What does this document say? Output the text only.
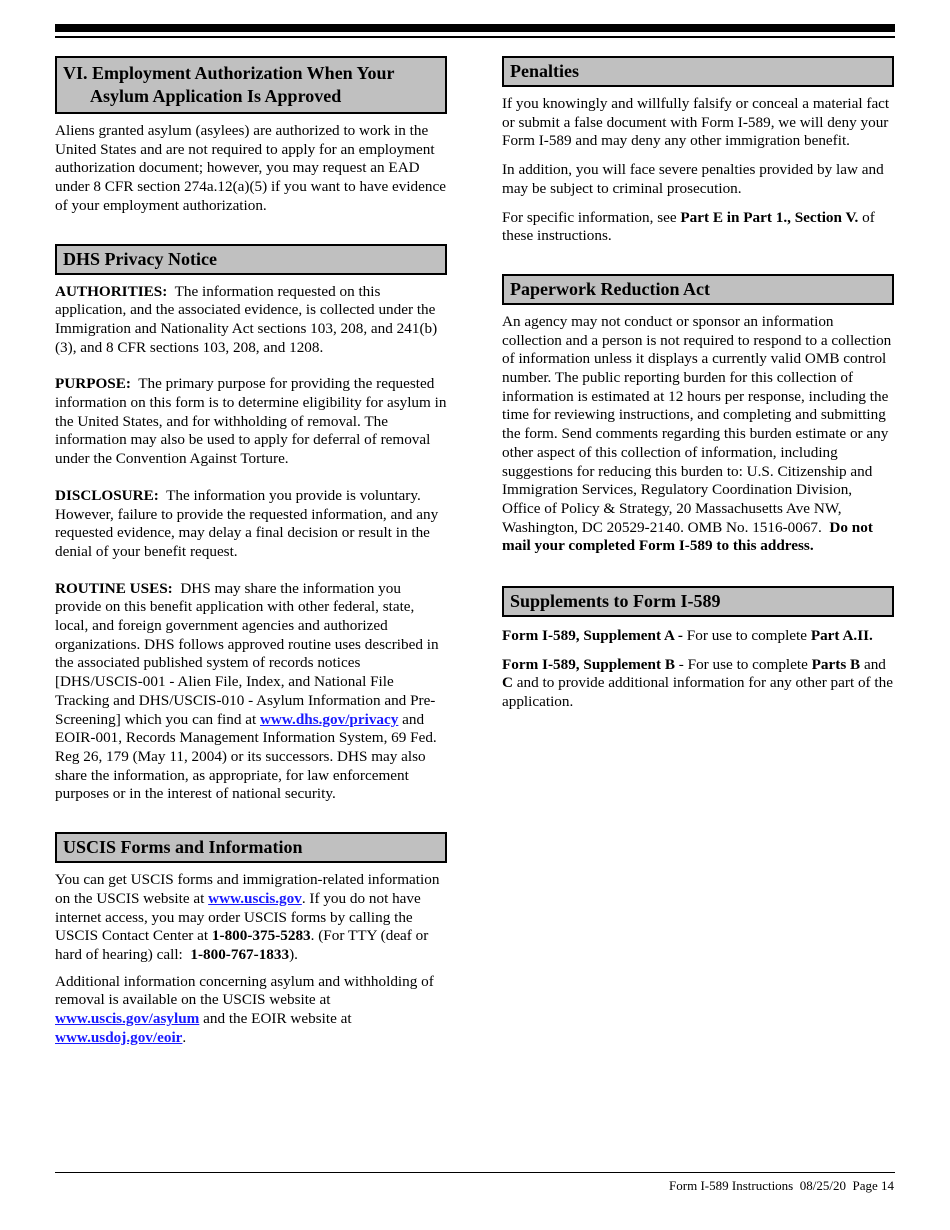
VI. Employment Authorization When Your
Asylum Application Is Approved

Aliens granted asylum (asylees) are authorized to work in the United States and are not required to apply for an employment authorization document; however, you may request an EAD under 8 CFR section 274a.12(a)(5) if you want to have evidence of your employment authorization.

DHS Privacy Notice

AUTHORITIES: The information requested on this application, and the associated evidence, is collected under the Immigration and Nationality Act sections 103, 208, and 241(b)(3), and 8 CFR sections 103, 208, and 1208.

PURPOSE: The primary purpose for providing the requested information on this form is to determine eligibility for asylum in the United States, and for withholding of removal. The information may also be used to apply for deferral of removal under the Convention Against Torture.

DISCLOSURE: The information you provide is voluntary. However, failure to provide the requested information, and any requested evidence, may delay a final decision or result in the denial of your benefit request.

ROUTINE USES: DHS may share the information you provide on this benefit application with other federal, state, local, and foreign government agencies and authorized organizations. DHS follows approved routine uses described in the associated published system of records notices [DHS/USCIS-001 - Alien File, Index, and National File Tracking and DHS/USCIS-010 - Asylum Information and Pre-Screening] which you can find at www.dhs.gov/privacy and EOIR-001, Records Management Information System, 69 Fed. Reg 26, 179 (May 11, 2004) or its successors. DHS may also share the information, as appropriate, for law enforcement purposes or in the interest of national security.

USCIS Forms and Information

You can get USCIS forms and immigration-related information on the USCIS website at www.uscis.gov. If you do not have internet access, you may order USCIS forms by calling the USCIS Contact Center at 1-800-375-5283. (For TTY (deaf or hard of hearing) call: 1-800-767-1833).

Additional information concerning asylum and withholding of removal is available on the USCIS website at www.uscis.gov/asylum and the EOIR website at www.usdoj.gov/eoir.

Penalties

If you knowingly and willfully falsify or conceal a material fact or submit a false document with Form I-589, we will deny your Form I-589 and may deny any other immigration benefit.

In addition, you will face severe penalties provided by law and may be subject to criminal prosecution.

For specific information, see Part E in Part 1., Section V. of these instructions.

Paperwork Reduction Act

An agency may not conduct or sponsor an information collection and a person is not required to respond to a collection of information unless it displays a currently valid OMB control number. The public reporting burden for this collection of information is estimated at 12 hours per response, including the time for reviewing instructions, and completing and submitting the form. Send comments regarding this burden estimate or any other aspect of this collection of information, including suggestions for reducing this burden to: U.S. Citizenship and Immigration Services, Regulatory Coordination Division, Office of Policy & Strategy, 20 Massachusetts Ave NW, Washington, DC 20529-2140. OMB No. 1516-0067. Do not mail your completed Form I-589 to this address.

Supplements to Form I-589

Form I-589, Supplement A - For use to complete Part A.II.

Form I-589, Supplement B - For use to complete Parts B and C and to provide additional information for any other part of the application.

Form I-589 Instructions  08/25/20  Page 14
